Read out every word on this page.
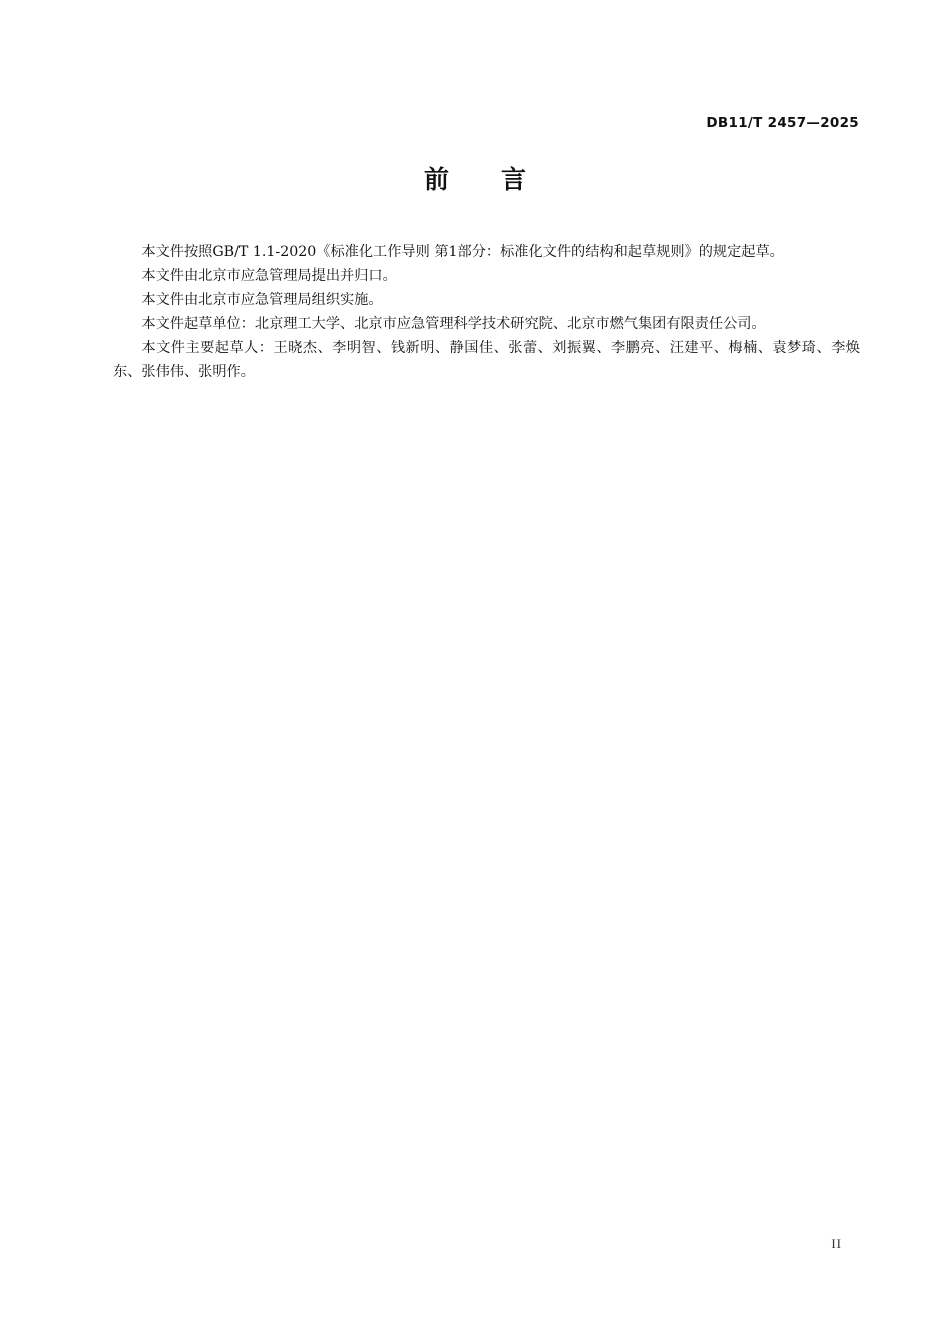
DB11/T 2457—2025
前 言

本文件按照GB/T 1.1-2020《标准化工作导则 第1部分：标准化文件的结构和起草规则》的规定起草。

本文件由北京市应急管理局提出并归口。

本文件由北京市应急管理局组织实施。

本文件起草单位：北京理工大学、北京市应急管理科学技术研究院、北京市燃气集团有限责任公司。

本文件主要起草人：王晓杰、李明智、钱新明、静国佳、张蕾、刘振翼、李鹏亮、汪建平、梅楠、袁梦琦、李焕东、张伟伟、张明作。

II
